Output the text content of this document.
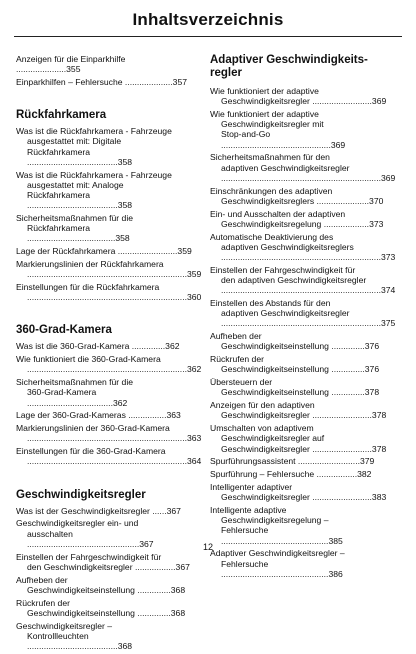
Inhaltsverzeichnis
Anzeigen für die Einparkhilfe .....................355
Einparkhilfen – Fehlersuche ....................357
Rückfahrkamera
Was ist die Rückfahrkamera - Fahrzeuge
ausgestattet mit: Digitale
Rückfahrkamera ......................................358
Was ist die Rückfahrkamera - Fahrzeuge
ausgestattet mit: Analoge
Rückfahrkamera ......................................358
Sicherheitsmaßnahmen für die
Rückfahrkamera .....................................358
Lage der Rückfahrkamera .........................359
Markierungslinien der Rückfahrkamera
...................................................................359
Einstellungen für die Rückfahrkamera
...................................................................360
360-Grad-Kamera
Was ist die 360-Grad-Kamera ..............362
Wie funktioniert die 360-Grad-Kamera
...................................................................362
Sicherheitsmaßnahmen für die
360-Grad-Kamera ....................................362
Lage der 360-Grad-Kameras ................363
Markierungslinien der 360-Grad-Kamera
...................................................................363
Einstellungen für die 360-Grad-Kamera
...................................................................364
Geschwindigkeitsregler
Was ist der Geschwindigkeitsregler ......367
Geschwindigkeitsregler ein- und
ausschalten ...............................................367
Einstellen der Fahrgeschwindigkeit für
den Geschwindigkeitsregler .................367
Aufheben der
Geschwindigkeitseinstellung ..............368
Rückrufen der
Geschwindigkeitseinstellung ..............368
Geschwindigkeitsregler –
Kontrollleuchten ......................................368
Adaptiver Geschwindigkeits- regler
Wie funktioniert der adaptive
Geschwindigkeitsregler .........................369
Wie funktioniert der adaptive
Geschwindigkeitsregler mit
Stop-and-Go ..............................................369
Sicherheitsmaßnahmen für den
adaptiven Geschwindigkeitsregler
...................................................................369
Einschränkungen des adaptiven
Geschwindigkeitsreglers ......................370
Ein- und Ausschalten der adaptiven
Geschwindigkeitsregelung ...................373
Automatische Deaktivierung des
adaptiven Geschwindigkeitsreglers
...................................................................373
Einstellen der Fahrgeschwindigkeit für
den adaptiven Geschwindigkeitsregler
...................................................................374
Einstellen des Abstands für den
adaptiven Geschwindigkeitsregler
...................................................................375
Aufheben der
Geschwindigkeitseinstellung ..............376
Rückrufen der
Geschwindigkeitseinstellung ..............376
Übersteuern der
Geschwindigkeitseinstellung ..............378
Anzeigen für den adaptiven
Geschwindigkeitsregler .........................378
Umschalten von adaptivem
Geschwindigkeitsregler auf
Geschwindigkeitsregler .........................378
Spurführungsassistent ..........................379
Spurführung – Fehlersuche .................382
Intelligenter adaptiver
Geschwindigkeitsregler .........................383
Intelligente adaptive
Geschwindigkeitsregelung –
Fehlersuche .............................................385
Adaptiver Geschwindigkeitsregler –
Fehlersuche .............................................386
12
